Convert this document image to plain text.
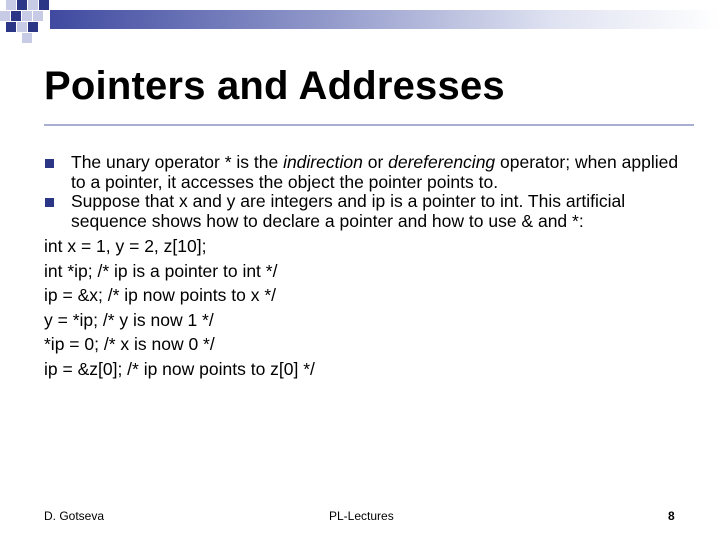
Pointers and Addresses
The unary operator * is the indirection or dereferencing operator; when applied to a pointer, it accesses the object the pointer points to.
Suppose that x and y are integers and ip is a pointer to int. This artificial sequence shows how to declare a pointer and how to use & and *:
int x = 1, y = 2, z[10];
int *ip; /* ip is a pointer to int */
ip = &x; /* ip now points to x */
y = *ip; /* y is now 1 */
*ip = 0; /* x is now 0 */
ip = &z[0]; /* ip now points to z[0] */
D. Gotseva	PL-Lectures	8
